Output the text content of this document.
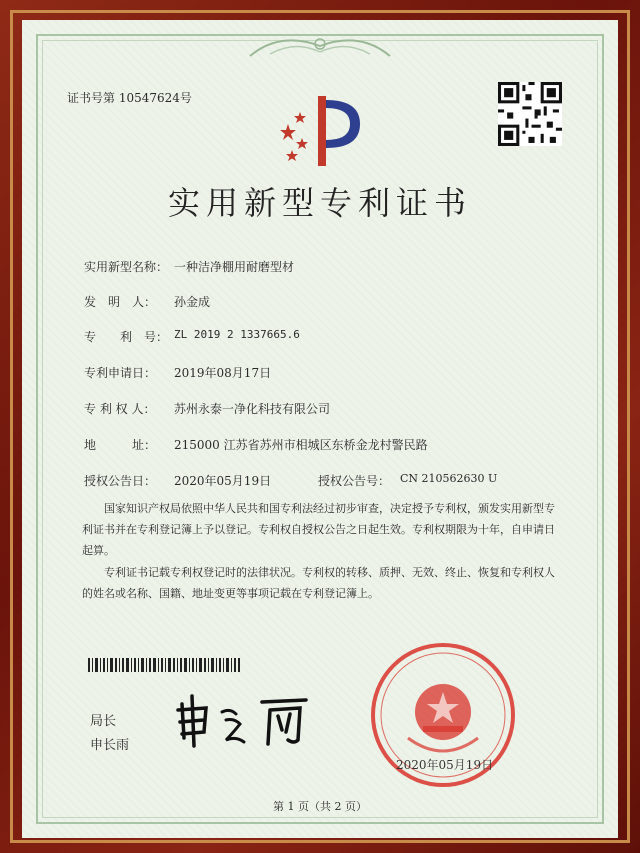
证书号第 10547624号
实用新型专利证书
实用新型名称： 一种洁净棚用耐磨型材
发　明　人： 孙金成
专　　利　号： ZL 2019 2 1337665.6
专利申请日： 2019年08月17日
专 利 权 人： 苏州永泰一净化科技有限公司
地　　　址： 215000 江苏省苏州市相城区东桥金龙村警民路
授权公告日： 2020年05月19日	授权公告号： CN 210562630 U
国家知识产权局依照中华人民共和国专利法经过初步审查，决定授予专利权，颁发实用新型专利证书并在专利登记簿上予以登记。专利权自授权公告之日起生效。专利权期限为十年，自申请日起算。
专利证书记载专利权登记时的法律状况。专利权的转移、质押、无效、终止、恢复和专利权人的姓名或名称、国籍、地址变更等事项记载在专利登记簿上。
局长
申长雨
2020年05月19日
第 1 页（共 2 页）
